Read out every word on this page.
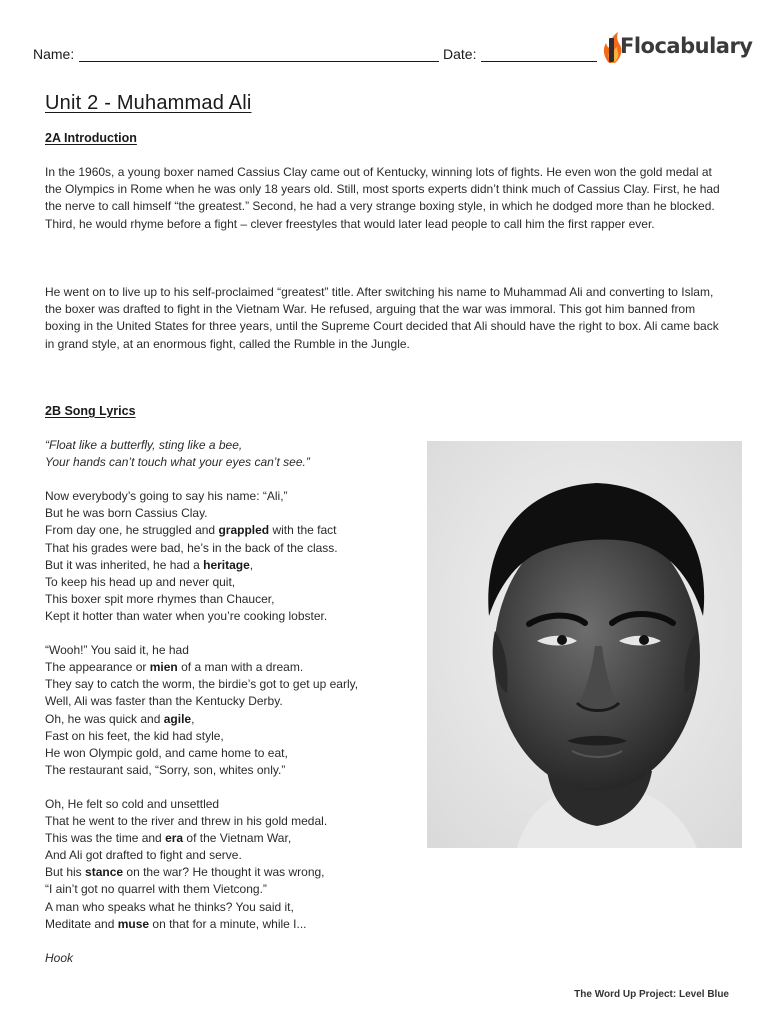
Name:	Date:	Flocabulary
Unit 2 - Muhammad Ali
2A Introduction

In the 1960s, a young boxer named Cassius Clay came out of Kentucky, winning lots of fights. He even won the gold medal at the Olympics in Rome when he was only 18 years old. Still, most sports experts didn’t think much of Cassius Clay. First, he had the nerve to call himself “the greatest.” Second, he had a very strange boxing style, in which he dodged more than he blocked. Third, he would rhyme before a fight – clever freestyles that would later lead people to call him the first rapper ever.

He went on to live up to his self-proclaimed “greatest” title. After switching his name to Muhammad Ali and converting to Islam, the boxer was drafted to fight in the Vietnam War. He refused, arguing that the war was immoral. This got him banned from boxing in the United States for three years, until the Supreme Court decided that Ali should have the right to box. Ali came back in grand style, at an enormous fight, called the Rumble in the Jungle.

2B Song Lyrics
“Float like a butterfly, sting like a bee,
Your hands can’t touch what your eyes can’t see.”
Now everybody’s going to say his name: “Ali,”
But he was born Cassius Clay.
From day one, he struggled and grappled with the fact
That his grades were bad, he’s in the back of the class.
But it was inherited, he had a heritage,
To keep his head up and never quit,
This boxer spit more rhymes than Chaucer,
Kept it hotter than water when you’re cooking lobster.
“Wooh!” You said it, he had
The appearance or mien of a man with a dream.
They say to catch the worm, the birdie’s got to get up early,
Well, Ali was faster than the Kentucky Derby.
Oh, he was quick and agile,
Fast on his feet, the kid had style,
He won Olympic gold, and came home to eat,
The restaurant said, “Sorry, son, whites only.”
Oh, He felt so cold and unsettled
That he went to the river and threw in his gold medal.
This was the time and era of the Vietnam War,
And Ali got drafted to fight and serve.
But his stance on the war? He thought it was wrong,
“I ain’t got no quarrel with them Vietcong.”
A man who speaks what he thinks? You said it,
Meditate and muse on that for a minute, while I...
Hook
The Word Up Project: Level Blue
